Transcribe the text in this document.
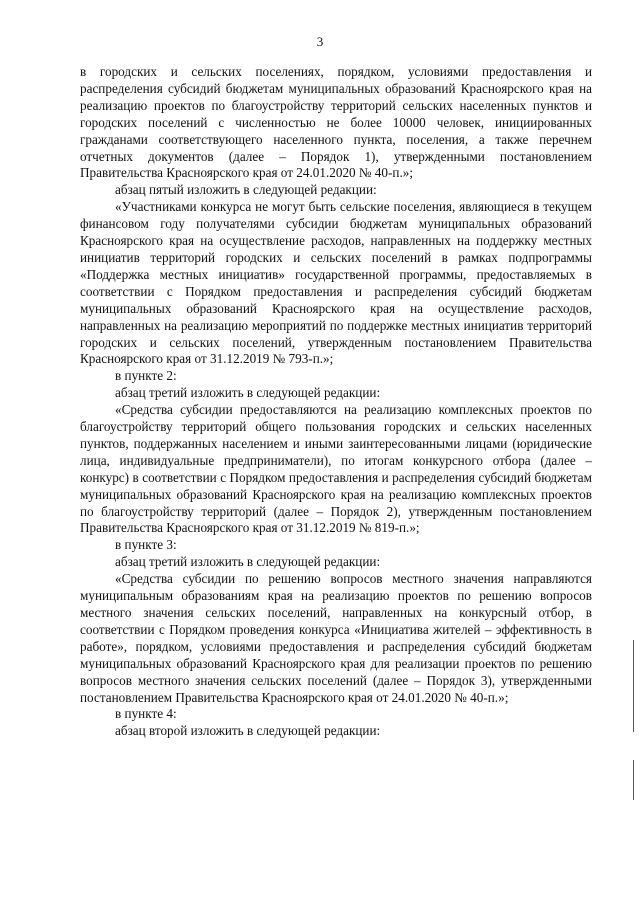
3

в городских и сельских поселениях, порядком, условиями предоставления и распределения субсидий бюджетам муниципальных образований Красноярского края на реализацию проектов по благоустройству территорий сельских населенных пунктов и городских поселений с численностью не более 10000 человек, инициированных гражданами соответствующего населенного пункта, поселения, а также перечнем отчетных документов (далее – Порядок 1), утвержденными постановлением Правительства Красноярского края от 24.01.2020 № 40-п.»;

абзац пятый изложить в следующей редакции:

«Участниками конкурса не могут быть сельские поселения, являющиеся в текущем финансовом году получателями субсидии бюджетам муниципальных образований Красноярского края на осуществление расходов, направленных на поддержку местных инициатив территорий городских и сельских поселений в рамках подпрограммы «Поддержка местных инициатив» государственной программы, предоставляемых в соответствии с Порядком предоставления и распределения субсидий бюджетам муниципальных образований Красноярского края на осуществление расходов, направленных на реализацию мероприятий по поддержке местных инициатив территорий городских и сельских поселений, утвержденным постановлением Правительства Красноярского края от 31.12.2019 № 793-п.»;

в пункте 2:

абзац третий изложить в следующей редакции:

«Средства субсидии предоставляются на реализацию комплексных проектов по благоустройству территорий общего пользования городских и сельских населенных пунктов, поддержанных населением и иными заинтересованными лицами (юридические лица, индивидуальные предприниматели), по итогам конкурсного отбора (далее – конкурс) в соответствии с Порядком предоставления и распределения субсидий бюджетам муниципальных образований Красноярского края на реализацию комплексных проектов по благоустройству территорий (далее – Порядок 2), утвержденным постановлением Правительства Красноярского края от 31.12.2019 № 819-п.»;

в пункте 3:

абзац третий изложить в следующей редакции:

«Средства субсидии по решению вопросов местного значения направляются муниципальным образованиям края на реализацию проектов по решению вопросов местного значения сельских поселений, направленных на конкурсный отбор, в соответствии с Порядком проведения конкурса «Инициатива жителей – эффективность в работе», порядком, условиями предоставления и распределения субсидий бюджетам муниципальных образований Красноярского края для реализации проектов по решению вопросов местного значения сельских поселений (далее – Порядок 3), утвержденными постановлением Правительства Красноярского края от 24.01.2020 № 40-п.»;

в пункте 4:

абзац второй изложить в следующей редакции:
